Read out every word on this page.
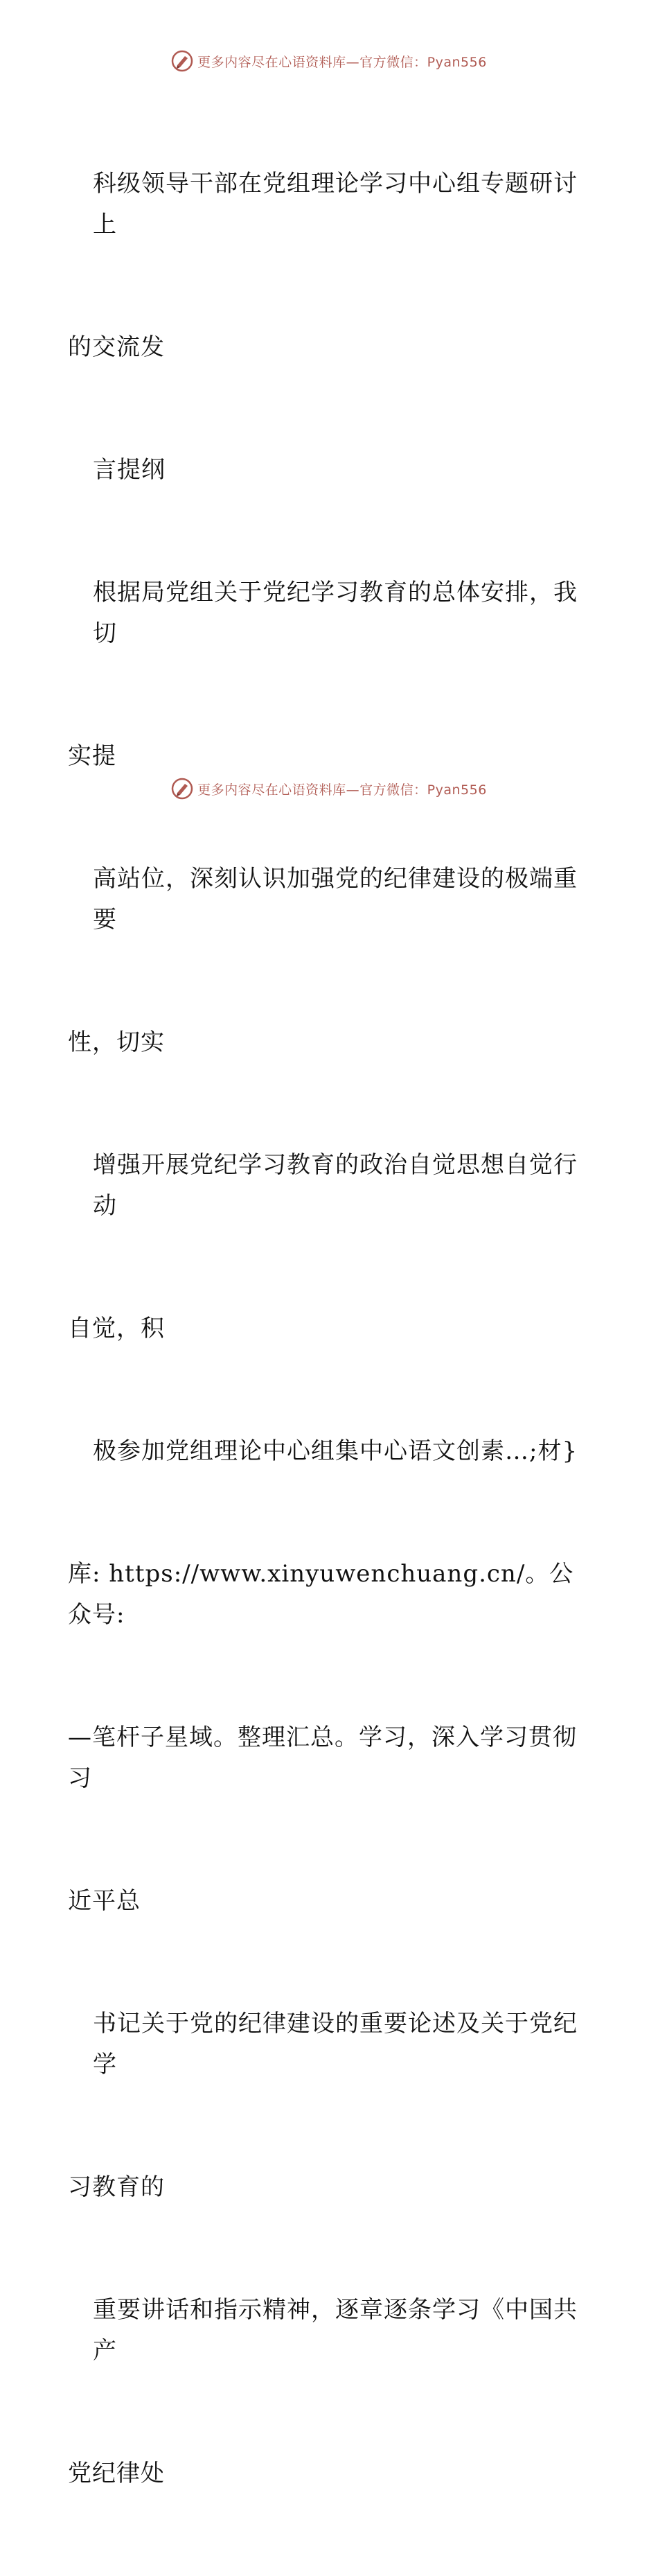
更多内容尽在心语资料库—官方微信：Pyan556

科级领导干部在党组理论学习中心组专题研讨上

的交流发

言提纲

根据局党组关于党纪学习教育的总体安排，我切

实提

高站位，深刻认识加强党的纪律建设的极端重要

性，切实

增强开展党纪学习教育的政治自觉思想自觉行动

自觉，积

极参加党组理论中心组集中心语文创素…;材}

库: https://www.xinyuwenchuang.cn/。公众号:

—笔杆子星域。整理汇总。学习，深入学习贯彻习

近平总

书记关于党的纪律建设的重要论述及关于党纪学

习教育的

重要讲话和指示精神，逐章逐条学习《中国共产

党纪律处

更多内容尽在心语资料库—官方微信：Pyan556
